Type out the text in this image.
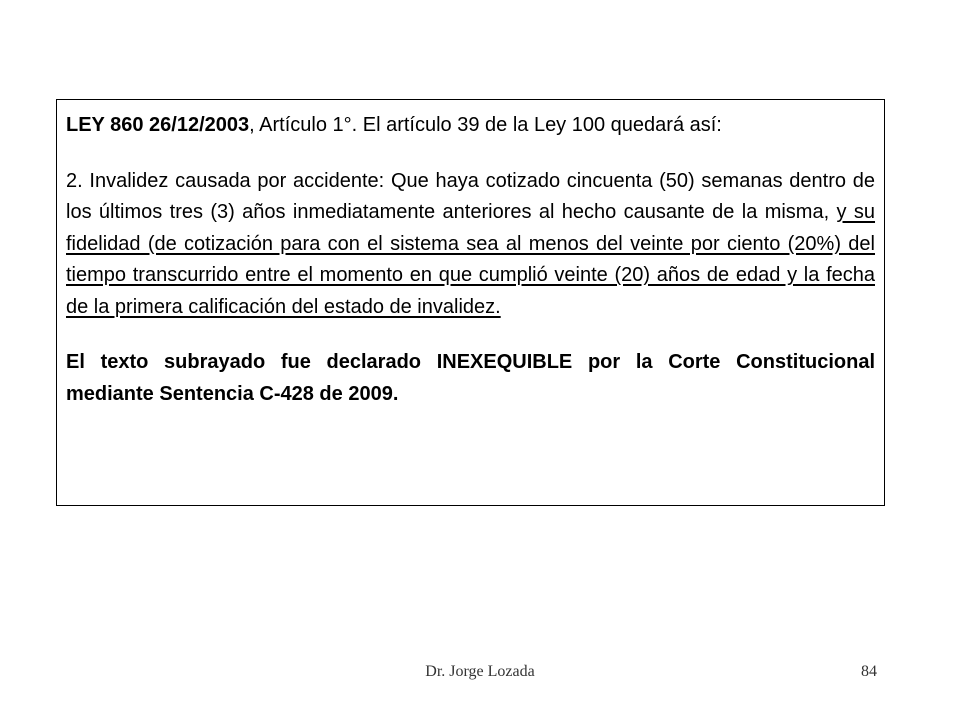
LEY 860 26/12/2003, Artículo 1°. El artículo 39 de la Ley 100 quedará así:

2. Invalidez causada por accidente: Que haya cotizado cincuenta (50) semanas dentro de los últimos tres (3) años inmediatamente anteriores al hecho causante de la misma, y su fidelidad (de cotización para con el sistema sea al menos del veinte por ciento (20%) del tiempo transcurrido entre el momento en que cumplió veinte (20) años de edad y la fecha de la primera calificación del estado de invalidez.

El texto subrayado fue declarado INEXEQUIBLE por la Corte Constitucional mediante Sentencia C-428 de 2009.

Dr. Jorge Lozada	84
